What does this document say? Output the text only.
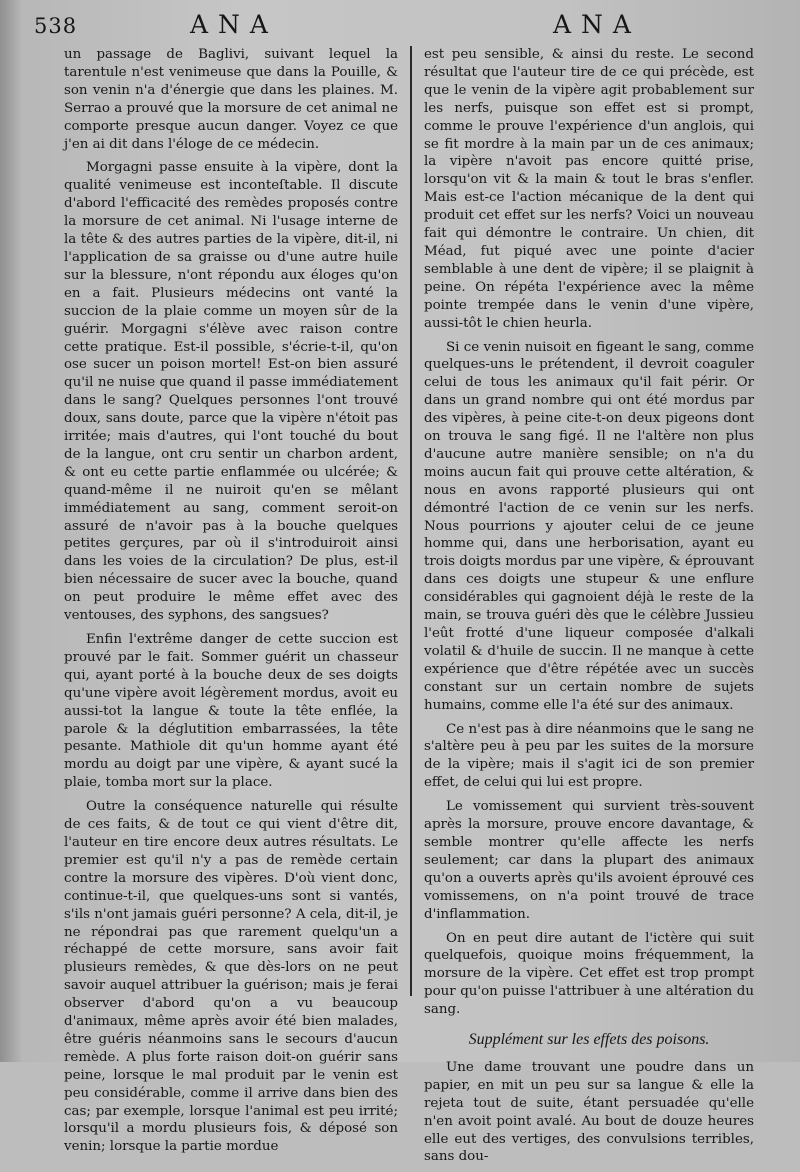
538	ANA	ANA

un passage de Baglivi, suivant lequel la tarentule n'est venimeuse que dans la Pouille, & son venin n'a d'énergie que dans les plaines. M. Serrao a prouvé que la morsure de cet animal ne comporte presque aucun danger. Voyez ce que j'en ai dit dans l'éloge de ce médecin.

Morgagni passe ensuite à la vipère, dont la qualité venimeuse est inconteſtable. Il discute d'abord l'efficacité des remèdes proposés contre la morsure de cet animal. Ni l'usage interne de la tête & des autres parties de la vipère, dit-il, ni l'application de sa graisse ou d'une autre huile sur la blessure, n'ont répondu aux éloges qu'on en a fait. Plusieurs médecins ont vanté la succion de la plaie comme un moyen sûr de la guérir. Morgagni s'élève avec raison contre cette pratique. Est-il possible, s'écrie-t-il, qu'on ose sucer un poison mortel! Est-on bien assuré qu'il ne nuise que quand il passe immédiatement dans le sang? Quelques personnes l'ont trouvé doux, sans doute, parce que la vipère n'étoit pas irritée; mais d'autres, qui l'ont touché du bout de la langue, ont cru sentir un charbon ardent, & ont eu cette partie enflammée ou ulcérée; & quand-même il ne nuiroit qu'en se mêlant immédiatement au sang, comment seroit-on assuré de n'avoir pas à la bouche quelques petites gerçures, par où il s'introduiroit ainsi dans les voies de la circulation? De plus, est-il bien nécessaire de sucer avec la bouche, quand on peut produire le même effet avec des ventouses, des syphons, des sangsues?

Enfin l'extrême danger de cette succion est prouvé par le fait. Sommer guérit un chasseur qui, ayant porté à la bouche deux de ses doigts qu'une vipère avoit légèrement mordus, avoit eu aussi-tot la langue & toute la tête enflée, la parole & la déglutition embarrassées, la tête pesante. Mathiole dit qu'un homme ayant été mordu au doigt par une vipère, & ayant sucé la plaie, tomba mort sur la place.

Outre la conséquence naturelle qui résulte de ces faits, & de tout ce qui vient d'être dit, l'auteur en tire encore deux autres résultats. Le premier est qu'il n'y a pas de remède certain contre la morsure des vipères. D'où vient donc, continue-t-il, que quelques-uns sont si vantés, s'ils n'ont jamais guéri personne? A cela, dit-il, je ne répondrai pas que rarement quelqu'un a réchappé de cette morsure, sans avoir fait plusieurs remèdes, & que dès-lors on ne peut savoir auquel attribuer la guérison; mais je ferai observer d'abord qu'on a vu beaucoup d'animaux, même après avoir été bien malades, être guéris néanmoins sans le secours d'aucun remède. A plus forte raison doit-on guérir sans peine, lorsque le mal produit par le venin est peu considérable, comme il arrive dans bien des cas; par exemple, lorsque l'animal est peu irrité; lorsqu'il a mordu plusieurs fois, & déposé son venin; lorsque la partie mordue

est peu sensible, & ainsi du reste. Le second résultat que l'auteur tire de ce qui précède, est que le venin de la vipère agit probablement sur les nerfs, puisque son effet est si prompt, comme le prouve l'expérience d'un anglois, qui se fit mordre à la main par un de ces animaux; la vipère n'avoit pas encore quitté prise, lorsqu'on vit & la main & tout le bras s'enfler. Mais est-ce l'action mécanique de la dent qui produit cet effet sur les nerfs? Voici un nouveau fait qui démontre le contraire. Un chien, dit Méad, fut piqué avec une pointe d'acier semblable à une dent de vipère; il se plaignit à peine. On répéta l'expérience avec la même pointe trempée dans le venin d'une vipère, aussi-tôt le chien heurla.

Si ce venin nuisoit en figeant le sang, comme quelques-uns le prétendent, il devroit coaguler celui de tous les animaux qu'il fait périr. Or dans un grand nombre qui ont été mordus par des vipères, à peine cite-t-on deux pigeons dont on trouva le sang figé. Il ne l'altère non plus d'aucune autre manière sensible; on n'a du moins aucun fait qui prouve cette altération, & nous en avons rapporté plusieurs qui ont démontré l'action de ce venin sur les nerfs. Nous pourrions y ajouter celui de ce jeune homme qui, dans une herborisation, ayant eu trois doigts mordus par une vipère, & éprouvant dans ces doigts une stupeur & une enflure considérables qui gagnoient déjà le reste de la main, se trouva guéri dès que le célèbre Jussieu l'eût frotté d'une liqueur composée d'alkali volatil & d'huile de succin. Il ne manque à cette expérience que d'être répétée avec un succès constant sur un certain nombre de sujets humains, comme elle l'a été sur des animaux.

Ce n'est pas à dire néanmoins que le sang ne s'altère peu à peu par les suites de la morsure de la vipère; mais il s'agit ici de son premier effet, de celui qui lui est propre.

Le vomissement qui survient très-souvent après la morsure, prouve encore davantage, & semble montrer qu'elle affecte les nerfs seulement; car dans la plupart des animaux qu'on a ouverts après qu'ils avoient éprouvé ces vomissemens, on n'a point trouvé de trace d'inflammation.

On en peut dire autant de l'ictère qui suit quelquefois, quoique moins fréquemment, la morsure de la vipère. Cet effet est trop prompt pour qu'on puisse l'attribuer à une altération du sang.

Supplément sur les effets des poisons.

Une dame trouvant une poudre dans un papier, en mit un peu sur sa langue & elle la rejeta tout de suite, étant persuadée qu'elle n'en avoit point avalé. Au bout de douze heures elle eut des vertiges, des convulsions terribles, sans dou-
